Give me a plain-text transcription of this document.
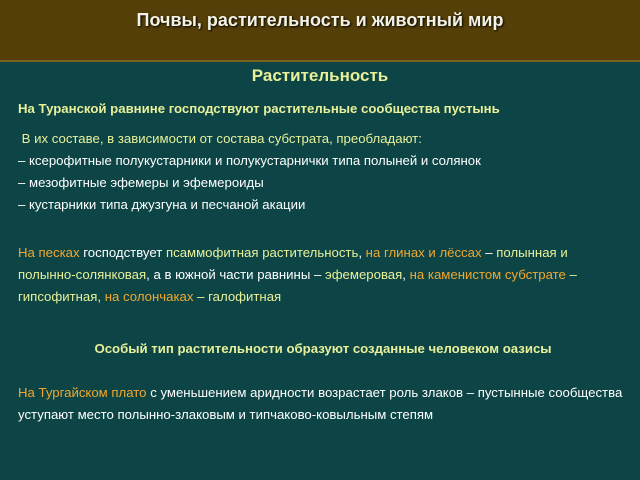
Почвы, растительность и животный мир
Растительность
На Туранской равнине господствуют растительные сообщества пустынь
В их составе, в зависимости от состава субстрата, преобладают:
– ксерофитные полукустарники и полукустарнички типа полыней и солянок
– мезофитные эфемеры и эфемероиды
– кустарники типа джузгуна и песчаной акации
На песках господствует псаммофитная растительность, на глинах и лёссах – полынная и полынно-солянковая, а в южной части равнины – эфемеровая, на каменистом субстрате – гипсофитная, на солончаках – галофитная
Особый тип растительности образуют созданные человеком оазисы
На Тургайском плато с уменьшением аридности возрастает роль злаков – пустынные сообщества уступают место полынно-злаковым и типчаково-ковыльным степям
